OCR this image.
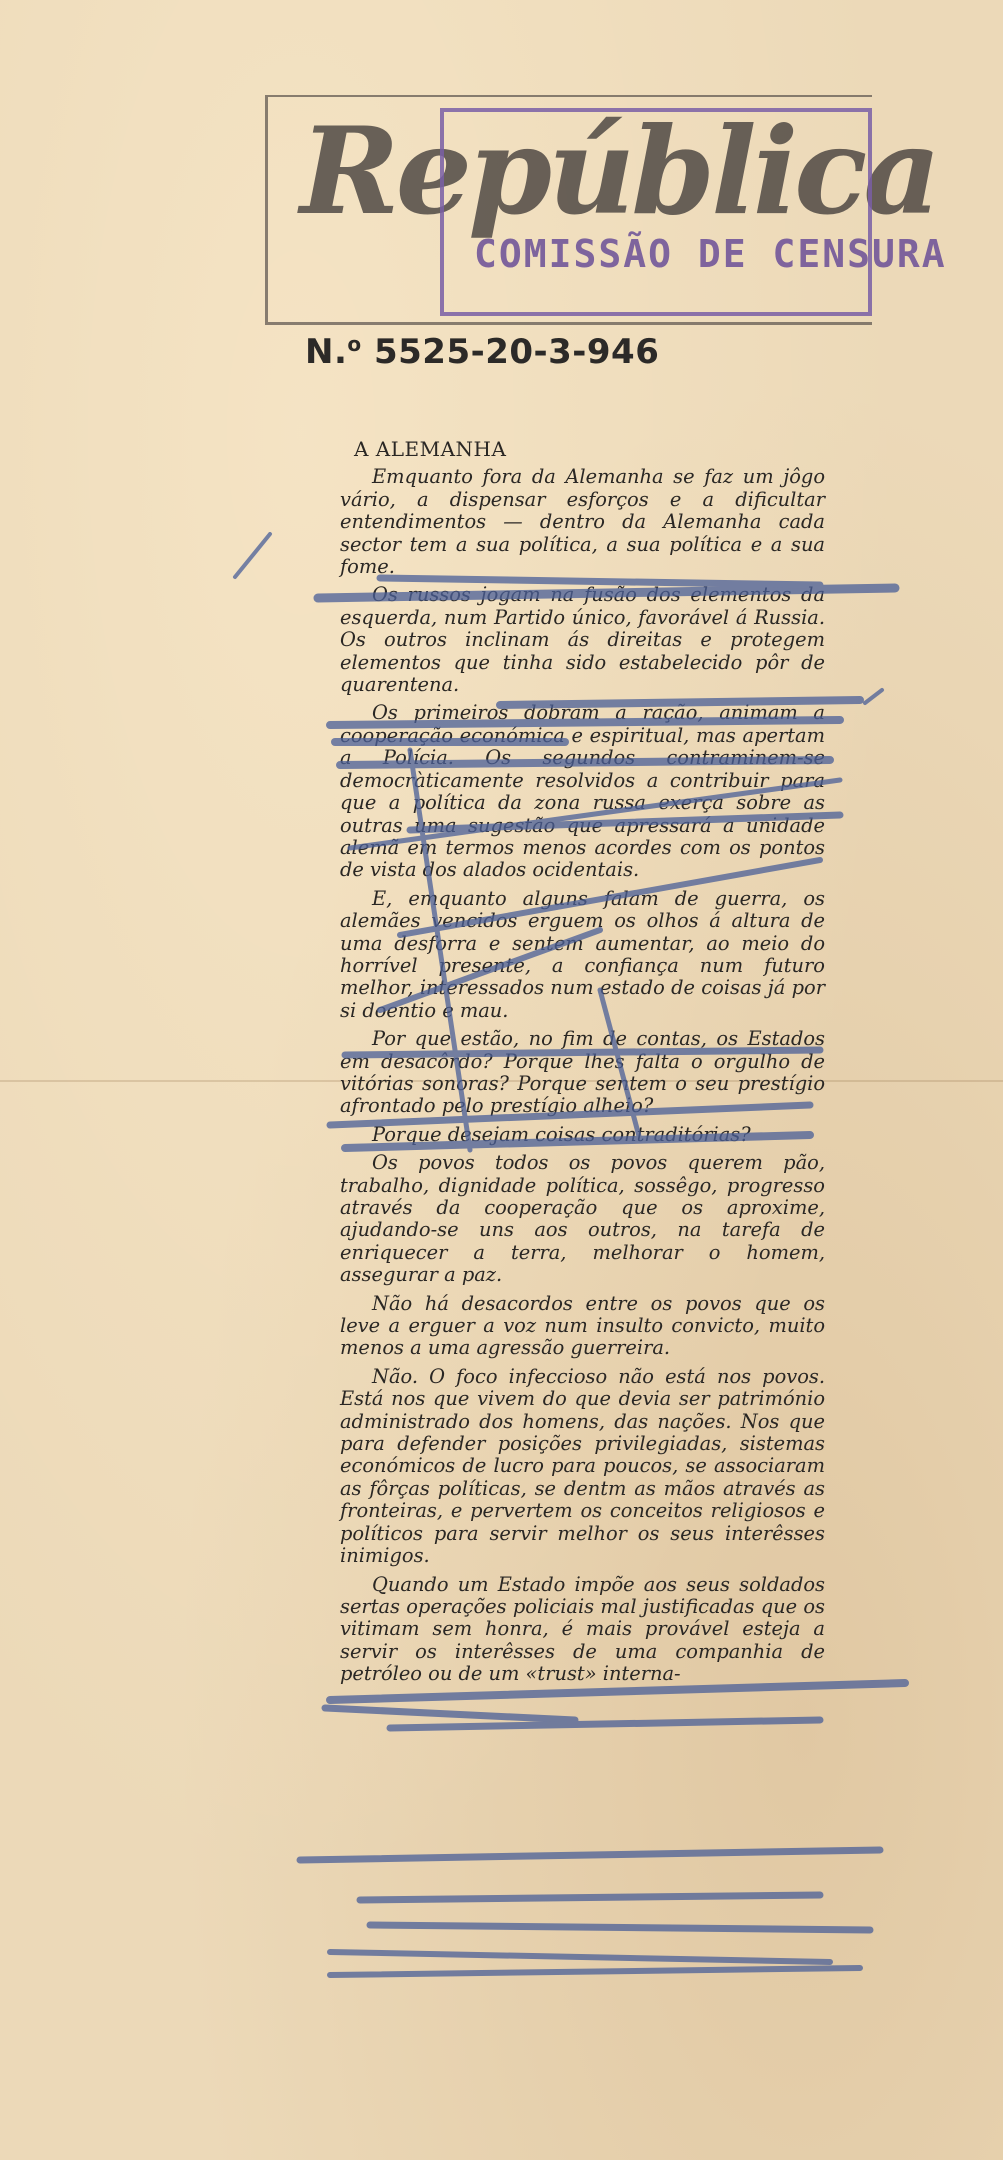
República
COMISSÃO DE CENSURA
N.$^o$ 5525-20-3-946
A ALEMANHA

Emquanto fora da Alemanha se faz um jôgo vário, a dispensar esforços e a dificultar entendimentos — dentro da Alemanha cada sector tem a sua política, a sua política e a sua fome.

Os russos jogam na fusão dos elementos da esquerda, num Partido único, favorável á Russia. Os outros inclinam ás direitas e protegem elementos que tinha sido estabelecido pôr de quarentena.

Os primeiros dobram a ração, animam a cooperação económica e espiritual, mas apertam a Polícia. Os segundos contraminem-se democràticamente resolvidos a contribuir para que a política da zona russa exerça sobre as outras uma sugestão que apressará a unidade alemã em termos menos acordes com os pontos de vista dos alados ocidentais.

E, emquanto alguns falam de guerra, os alemães vencidos erguem os olhos á altura de uma desforra e sentem aumentar, ao meio do horrível presente, a confiança num futuro melhor, interessados num estado de coisas já por si doentio e mau.

Por que estão, no fim de contas, os Estados em desacôrdo? Porque lhes falta o orgulho de vitórias sonoras? Porque sentem o seu prestígio afrontado pelo prestígio alheio?

Porque desejam coisas contraditórias?

Os povos todos os povos querem pão, trabalho, dignidade política, sossêgo, progresso através da cooperação que os aproxime, ajudando-se uns aos outros, na tarefa de enriquecer a terra, melhorar o homem, assegurar a paz.

Não há desacordos entre os povos que os leve a erguer a voz num insulto convicto, muito menos a uma agressão guerreira.

Não. O foco infeccioso não está nos povos. Está nos que vivem do que devia ser património administrado dos homens, das nações. Nos que para defender posições privilegiadas, sistemas económicos de lucro para poucos, se associaram as fôrças políticas, se dentm as mãos através as fronteiras, e pervertem os conceitos religiosos e políticos para servir melhor os seus interêsses inimigos.

Quando um Estado impõe aos seus soldados sertas operações policiais mal justificadas que os vitimam sem honra, é mais provável esteja a servir os interêsses de uma companhia de petróleo ou de um «trust» interna-
